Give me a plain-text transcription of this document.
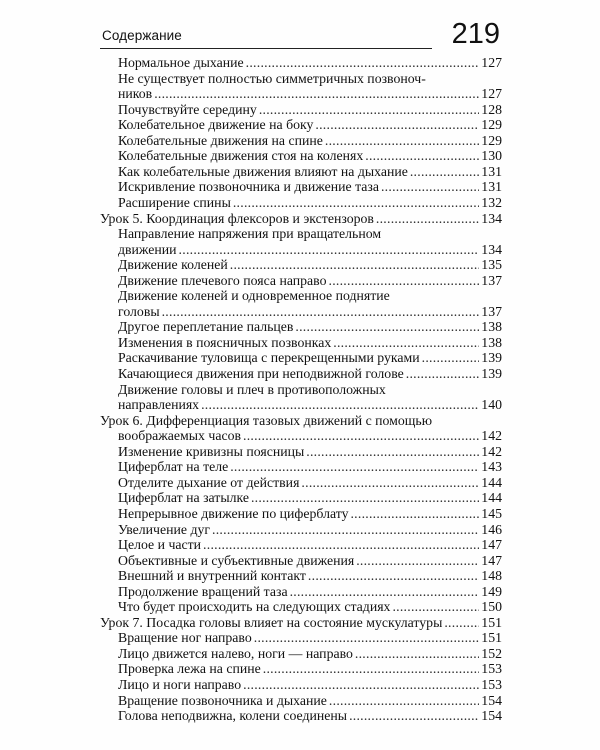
Содержание	219
Нормальное дыхание . . .	127
Не существует полностью симметричных позвоноч-
ников . . .	127
Почувствуйте середину . . .	128
Колебательное движение на боку . . .	129
Колебательные движения на спине . . .	129
Колебательные движения стоя на коленях . . .	130
Как колебательные движения влияют на дыхание . . .	131
Искривление позвоночника и движение таза . . .	131
Расширение спины . . .	132
Урок 5. Координация флексоров и экстензоров . . .	134
Направление напряжения при вращательном
движении . . .	134
Движение коленей . . .	135
Движение плечевого пояса направо . . .	137
Движение коленей и одновременное поднятие
головы . . .	137
Другое переплетание пальцев . . .	138
Изменения в поясничных позвонках . . .	138
Раскачивание туловища с перекрещенными руками . . .	139
Качающиеся движения при неподвижной голове . . .	139
Движение головы и плеч в противоположных
направлениях . . .	140
Урок 6. Дифференциация тазовых движений с помощью
воображаемых часов . . .	142
Изменение кривизны поясницы . . .	142
Циферблат на теле . . .	143
Отделите дыхание от действия . . .	144
Циферблат на затылке . . .	144
Непрерывное движение по циферблату . . .	145
Увеличение дуг . . .	146
Целое и части . . .	147
Объективные и субъективные движения . . .	147
Внешний и внутренний контакт . . .	148
Продолжение вращений таза . . .	149
Что будет происходить на следующих стадиях . . .	150
Урок 7. Посадка головы влияет на состояние мускулатуры . . .	151
Вращение ног направо . . .	151
Лицо движется налево, ноги — направо . . .	152
Проверка лежа на спине . . .	153
Лицо и ноги направо . . .	153
Вращение позвоночника и дыхание . . .	154
Голова неподвижна, колени соединены . . .	154
